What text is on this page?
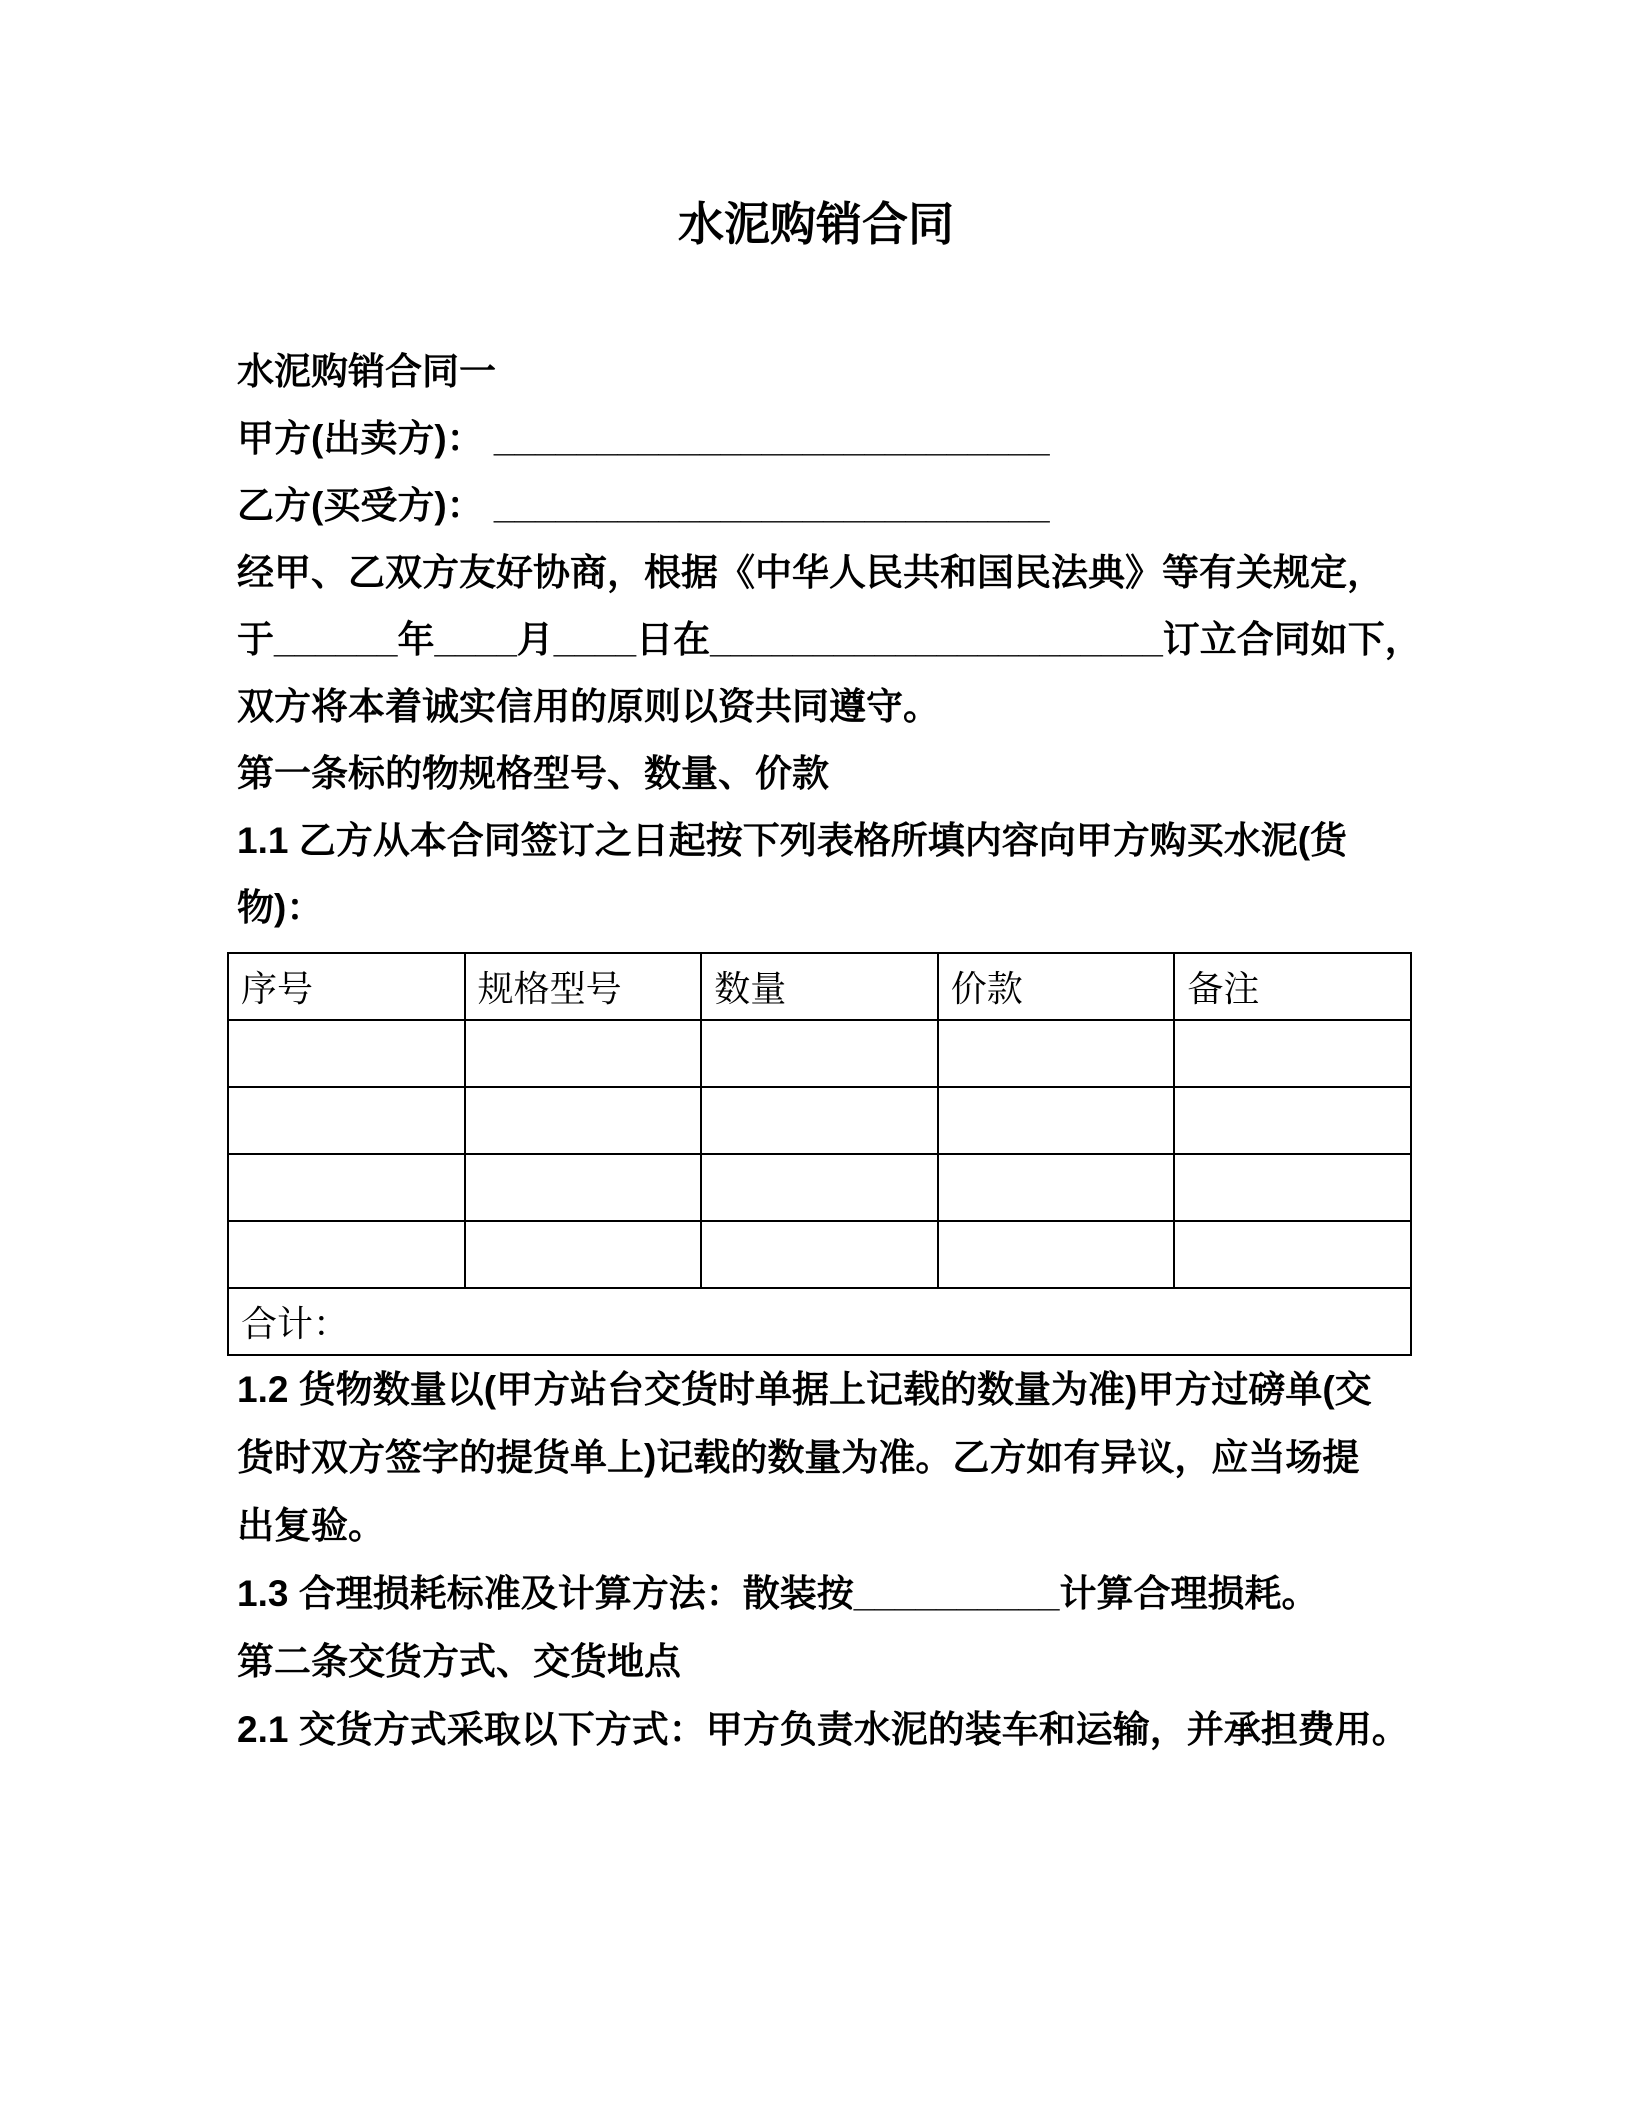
水泥购销合同

水泥购销合同一

甲方(出卖方)： ___________________________

乙方(买受方)： ___________________________

经甲、乙双方友好协商，根据《中华人民共和国民法典》等有关规定，

于______年____月____日在______________________订立合同如下，

双方将本着诚实信用的原则以资共同遵守。

第一条标的物规格型号、数量、价款

1.1 乙方从本合同签订之日起按下列表格所填内容向甲方购买水泥(货

物)：

序号	规格型号	数量	价款	备注

合计：				

1.2 货物数量以(甲方站台交货时单据上记载的数量为准)甲方过磅单(交

货时双方签字的提货单上)记载的数量为准。乙方如有异议，应当场提

出复验。

1.3 合理损耗标准及计算方法：散装按__________计算合理损耗。

第二条交货方式、交货地点

2.1 交货方式采取以下方式：甲方负责水泥的装车和运输，并承担费用。
